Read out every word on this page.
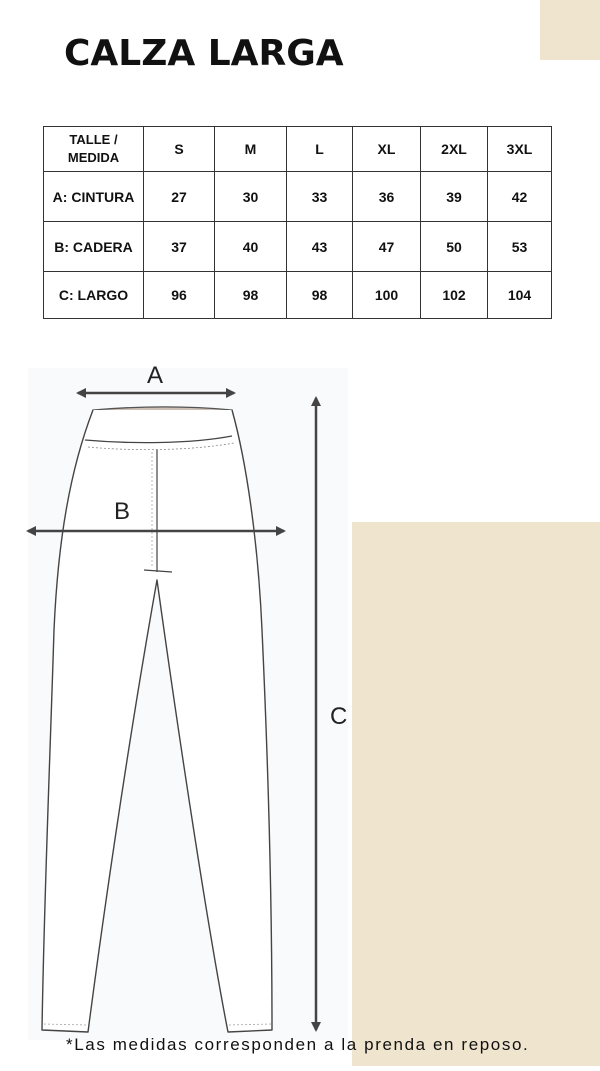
CALZA LARGA
TALLE / MEDIDA	S	M	L	XL	2XL	3XL
A: CINTURA	27	30	33	36	39	42
B: CADERA	37	40	43	47	50	53
C: LARGO	96	98	98	100	102	104
A
B
C

*Las medidas corresponden a la prenda en reposo.
